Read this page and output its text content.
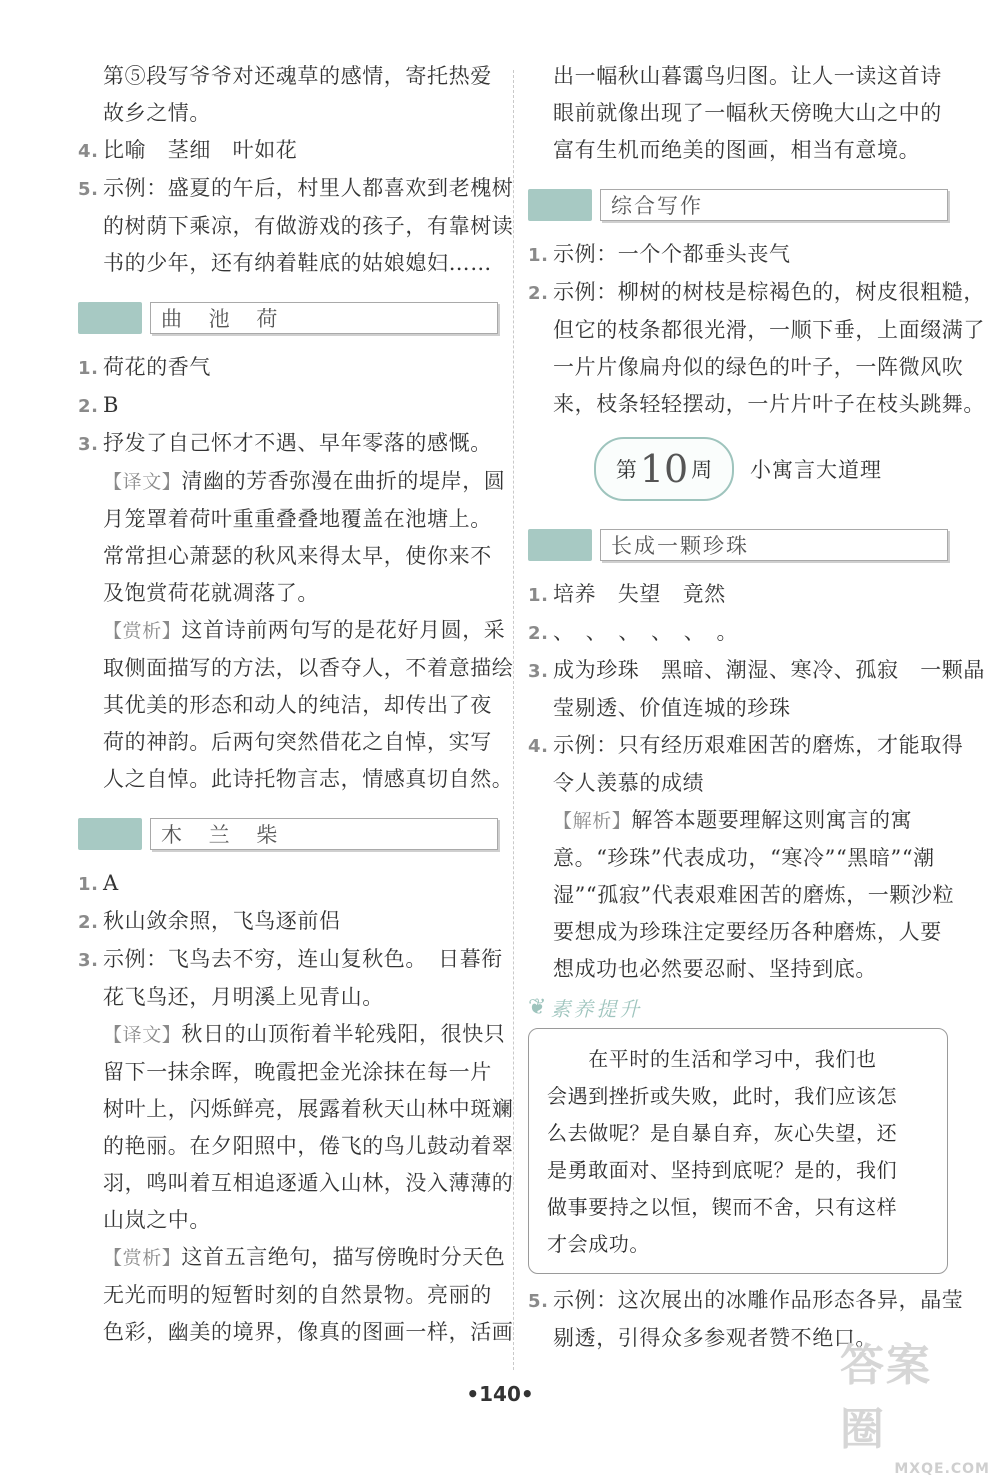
第⑤段写爷爷对还魂草的感情，寄托热爱
故乡之情。
4. 比喻　茎细　叶如花
5. 示例：盛夏的午后，村里人都喜欢到老槐树
的树荫下乘凉，有做游戏的孩子，有靠树读
书的少年，还有纳着鞋底的姑娘媳妇……
曲 池 荷
1. 荷花的香气
2. B
3. 抒发了自己怀才不遇、早年零落的感慨。
【译文】清幽的芳香弥漫在曲折的堤岸，圆
月笼罩着荷叶重重叠叠地覆盖在池塘上。
常常担心萧瑟的秋风来得太早，使你来不
及饱赏荷花就凋落了。
【赏析】这首诗前两句写的是花好月圆，采
取侧面描写的方法，以香夺人，不着意描绘
其优美的形态和动人的纯洁，却传出了夜
荷的神韵。后两句突然借花之自悼，实写
人之自悼。此诗托物言志，情感真切自然。
木 兰 柴
1. A
2. 秋山敛余照，飞鸟逐前侣
3. 示例：飞鸟去不穷，连山复秋色。　日暮衔
花飞鸟还，月明溪上见青山。
【译文】秋日的山顶衔着半轮残阳，很快只
留下一抹余晖，晚霞把金光涂抹在每一片
树叶上，闪烁鲜亮，展露着秋天山林中斑斓
的艳丽。在夕阳照中，倦飞的鸟儿鼓动着翠
羽，鸣叫着互相追逐遁入山林，没入薄薄的
山岚之中。
【赏析】这首五言绝句，描写傍晚时分天色
无光而明的短暂时刻的自然景物。亮丽的
色彩，幽美的境界，像真的图画一样，活画
出一幅秋山暮霭鸟归图。让人一读这首诗
眼前就像出现了一幅秋天傍晚大山之中的
富有生机而绝美的图画，相当有意境。
综合写作
1. 示例：一个个都垂头丧气
2. 示例：柳树的树枝是棕褐色的，树皮很粗糙，
但它的枝条都很光滑，一顺下垂，上面缀满了
一片片像扁舟似的绿色的叶子，一阵微风吹
来，枝条轻轻摆动，一片片叶子在枝头跳舞。
第 10 周 小寓言大道理
长成一颗珍珠
1. 培养　失望　竟然
2. 、　、　、　、　、　。
3. 成为珍珠　黑暗、潮湿、寒冷、孤寂　一颗晶
莹剔透、价值连城的珍珠
4. 示例：只有经历艰难困苦的磨炼，才能取得
令人羡慕的成绩
【解析】解答本题要理解这则寓言的寓
意。“珍珠”代表成功，“寒冷”“黑暗”“潮
湿”“孤寂”代表艰难困苦的磨炼，一颗沙粒
要想成为珍珠注定要经历各种磨炼，人要
想成功也必然要忍耐、坚持到底。
❦ 素养提升
　　在平时的生活和学习中，我们也
会遇到挫折或失败，此时，我们应该怎
么去做呢？是自暴自弃，灰心失望，还
是勇敢面对、坚持到底呢？是的，我们
做事要持之以恒，锲而不舍，只有这样
才会成功。
5. 示例：这次展出的冰雕作品形态各异，晶莹
剔透，引得众多参观者赞不绝口。
•140•
答案圈
MXQE.COM
